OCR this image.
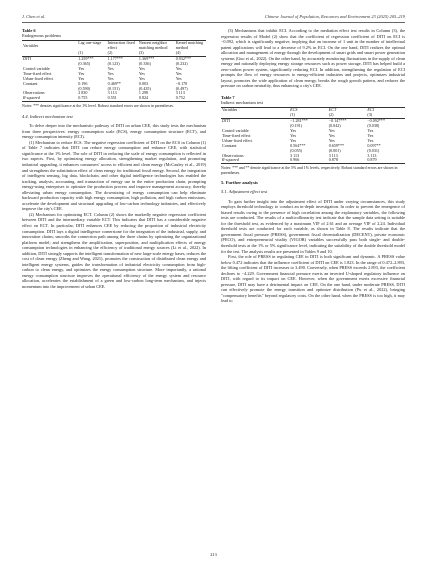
J. Chen et al.	Chinese Journal of Population, Resources and Environment 23 (2025) 205–219
Table 6
Endogenous problems
Variables	Lag one-stage	Interaction fixed effect	Nearest neighbor matching method	Kernel matching method
	(1)	(2)	(3)	(4)
DITI	1.259***	1.177***	1.369***	0.932***
	(0.365)	(0.123)	(0.336)	(0.232)
Control variable	Yes	Yes	Yes	Yes
Time-fixed effect	Yes	Yes	Yes	Yes
Urban-fixed effect	Yes	Yes	Yes	Yes
Constant	0.196	0.469**	0.003	−0.170
	(0.590)	(0.151)	(0.435)	(0.497)
Observations	2 830	3 113	1 298	3 113
R-squared	0.755	0.551	0.824	0.752
Notes: *** denotes significance at the 1% level. Robust standard errors are shown in parentheses.
4.4. Indirect mechanism test

To delve deeper into the mechanistic pathway of DITI on urban CEE, this study tests the mechanism from three perspectives: energy consumption scale (ECS), energy consumption structure (ECT), and energy consumption intensity (ECI).

(1) Mechanism to reduce ECS. The negative regression coefficient of DITI on the ECS in Column (1) of Table 7 indicates that DITI can reduce energy consumption and enhance CEE, with statistical significance at the 1% level. The role of DITI in reducing the scale of energy consumption is reflected in two aspects. First, by optimizing energy allocation, strengthening market regulation, and promoting industrial upgrading, it enhances consumers' access to efficient and clean energy (McCauley et al., 2019) and strengthens the substitution effect of clean energy for traditional fossil energy. Second, the integration of intelligent sensing, big data, blockchain, and other digital intelligence technologies has enabled the tracking, analysis, accounting, and transaction of energy use in the entire production chain, prompting energy-using enterprises to optimize the production process and improve management accuracy, thereby alleviating urban energy consumption. The downsizing of energy consumption can help eliminate backward production capacity with high energy consumption, high pollution, and high carbon emissions, accelerate the development and structural upgrading of low-carbon technology industries, and effectively improve the city's CEE.

(2) Mechanism for optimizing ECT. Column (2) shows the markedly negative regression coefficient between DITI and the intermediary variable ECT. This indicates that DITI has a considerable negative effect on ECT. In particular, DITI enhances CEE by reducing the proportion of industrial electricity consumption. DITI lays a digital intelligence cornerstone for the integration of the industrial, supply, and innovation chains; smooths the connection path among the three chains by optimizing the organizational platform model; and strengthens the amplification, superposition, and multiplication effects of energy consumption technologies in enhancing the efficiency of traditional energy sources (Li et al., 2022). In addition, DITI strongly supports the intelligent transformation of new large-scale energy bases, reduces the cost of clean energy (Zheng and Wang, 2021), promotes the construction of distributed clean energy and intelligent energy systems, guides the transformation of industrial electricity consumption from high-carbon to clean energy, and optimizes the energy consumption structure. More importantly, a rational energy consumption structure improves the operational efficiency of the energy system and resource allocation, accelerates the establishment of a green and low-carbon long-term mechanism, and injects momentum into the improvement of urban CEE.

(3) Mechanisms that inhibit ECI. According to the mediation effect test results in Column (3), the regression results of Model (2) show that the coefficient of regression coefficient of DITI on ECI is −0.092, which is significantly negative, implying that an increase of 1 unit in the number of intellectual patent applications will lead to a decrease of 9.2% in ECI. On the one hand, DITI realizes the optimal allocation and management of energy through the development of smart grids and smart power generation systems (Guo et al., 2022). On the other hand, by accurately monitoring fluctuations in the supply of clean energy and rationally deploying energy storage resources such as power storage, DITI has helped build a zero-carbon power system, significantly reducing ECI. In addition, strengthening the regulation of ECI prompts the flow of energy resources to energy-efficient industries and projects, optimizes industrial layout, promotes the wide application of clean energy, breaks the rough growth pattern, and reduces the pressure on carbon neutrality, thus enhancing a city's CEE.

Table 7
Indirect mechanism test
Variables	ECS	ECT	ECI
	(1)	(2)	(3)
DITI	−1.281***	−0.147***	−0.092***
	(0.191)	(0.042)	(0.038)
Control variable	Yes	Yes	Yes
Time-fixed effect	Yes	Yes	Yes
Urban-fixed effect	Yes	Yes	Yes
Constant	0.564***	0.659***	0.097**
	(0.055)	(0.001)	(0.031)
Observations	3 113	3 113	3 113
R-squared	0.966	0.878	0.879
Notes: *** and ** denote significance at the 5% and 1% levels, respectively. Robust standard errors are shown in parentheses.
5. Further analysis
5.1. Adjustment effect test

To gain further insight into the adjustment effect of DITI under varying circumstances, this study employs threshold technology to conduct an in-depth investigation. In order to prevent the emergence of biased results owing to the presence of high correlation among the explanatory variables, the following tests are conducted. The results of a multicollinearity test indicate that the sample data setting is suitable for the threshold test, as evidenced by a maximum VIF of 2.61 and an average VIF of 2.24. Individual threshold tests are conducted for each variable, as shown in Table 8. The results indicate that the government fiscal pressure (PRESS), government fiscal decentralization (DECENT), private economic (PECO), and entrepreneurial vitality (VIGOR) variables successfully pass both single- and double-threshold tests at the 1% or 5% significance level, indicating the suitability of the double threshold model for the test. The analysis results are presented in Tables 9 and 10.

First, the role of PRESS in regulating CEE in DITI is both significant and dynamic. A PRESS value below 0.472 indicates that the influence coefficient of DITI on CEE is 1.823. In the range of 0.472–2.893, the lifting coefficient of DITI increases to 3.490. Conversely, when PRESS exceeds 2.893, the coefficient declines to −4.229. Government financial pressure exerts an inverted U-shaped regulatory influence on DITI, with regard to its impact on CEE. However, when the government exerts excessive financial pressure, DITI may have a detrimental impact on CEE. On the one hand, under moderate PRESS, DITI can effectively promote the energy transition and optimize distribution (Pu et al., 2022), bringing "compensatory benefits" beyond regulatory costs. On the other hand, when the PRESS is too high, it may lead to

213
